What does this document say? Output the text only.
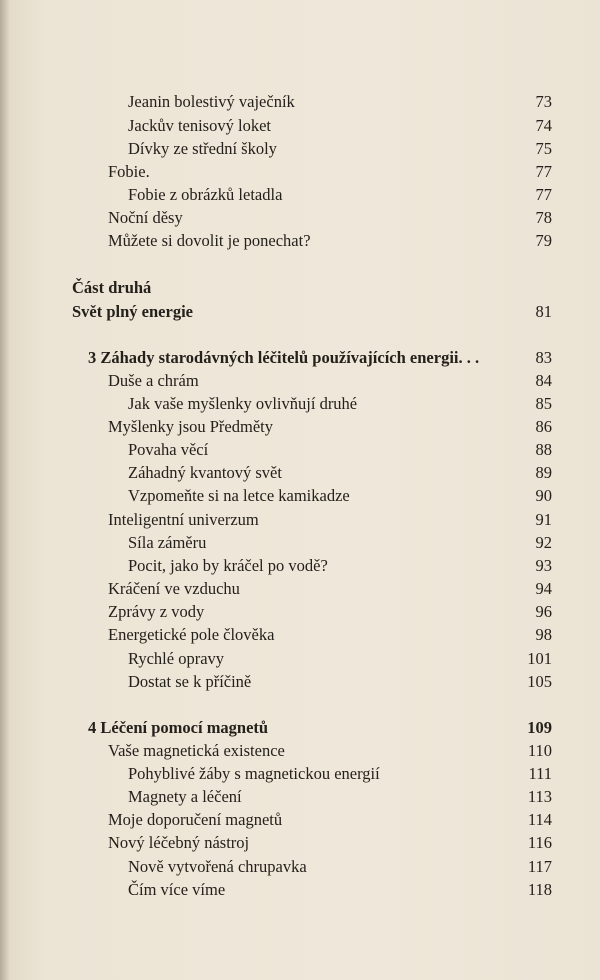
Jeanin bolestivý vaječník	73
Jackův tenisový loket	74
Dívky ze střední školy	75
Fobie.	77
Fobie z obrázků letadla	77
Noční děsy	78
Můžete si dovolit je ponechat?	79
Část druhá
Svět plný energie	81
3 Záhady starodávných léčitelů používajících energii. . .	83
Duše a chrám	84
Jak vaše myšlenky ovlivňují druhé	85
Myšlenky jsou Předměty	86
Povaha věcí	88
Záhadný kvantový svět	89
Vzpomeňte si na letce kamikadze	90
Inteligentní univerzum	91
Síla záměru	92
Pocit, jako by kráčel po vodě?	93
Kráčení ve vzduchu	94
Zprávy z vody	96
Energetické pole člověka	98
Rychlé opravy	101
Dostat se k příčině	105
4 Léčení pomocí magnetů	109
Vaše magnetická existence	110
Pohyblivé žáby s magnetickou energií	111
Magnety a léčení	113
Moje doporučení magnetů	114
Nový léčebný nástroj	116
Nově vytvořená chrupavka	117
Čím více víme	118
